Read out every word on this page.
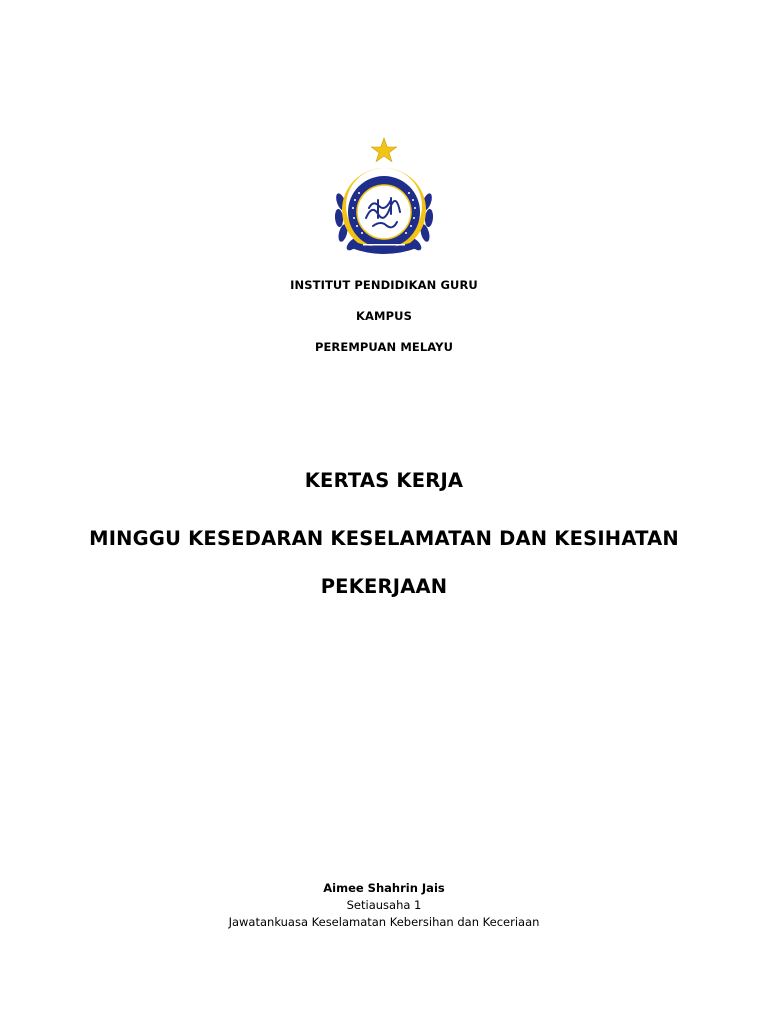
INSTITUT PENDIDIKAN GURU
KAMPUS
PEREMPUAN MELAYU
KERTAS KERJA
MINGGU KESEDARAN KESELAMATAN DAN KESIHATAN
PEKERJAAN
Aimee Shahrin Jais
Setiausaha 1
Jawatankuasa Keselamatan Kebersihan dan Keceriaan
